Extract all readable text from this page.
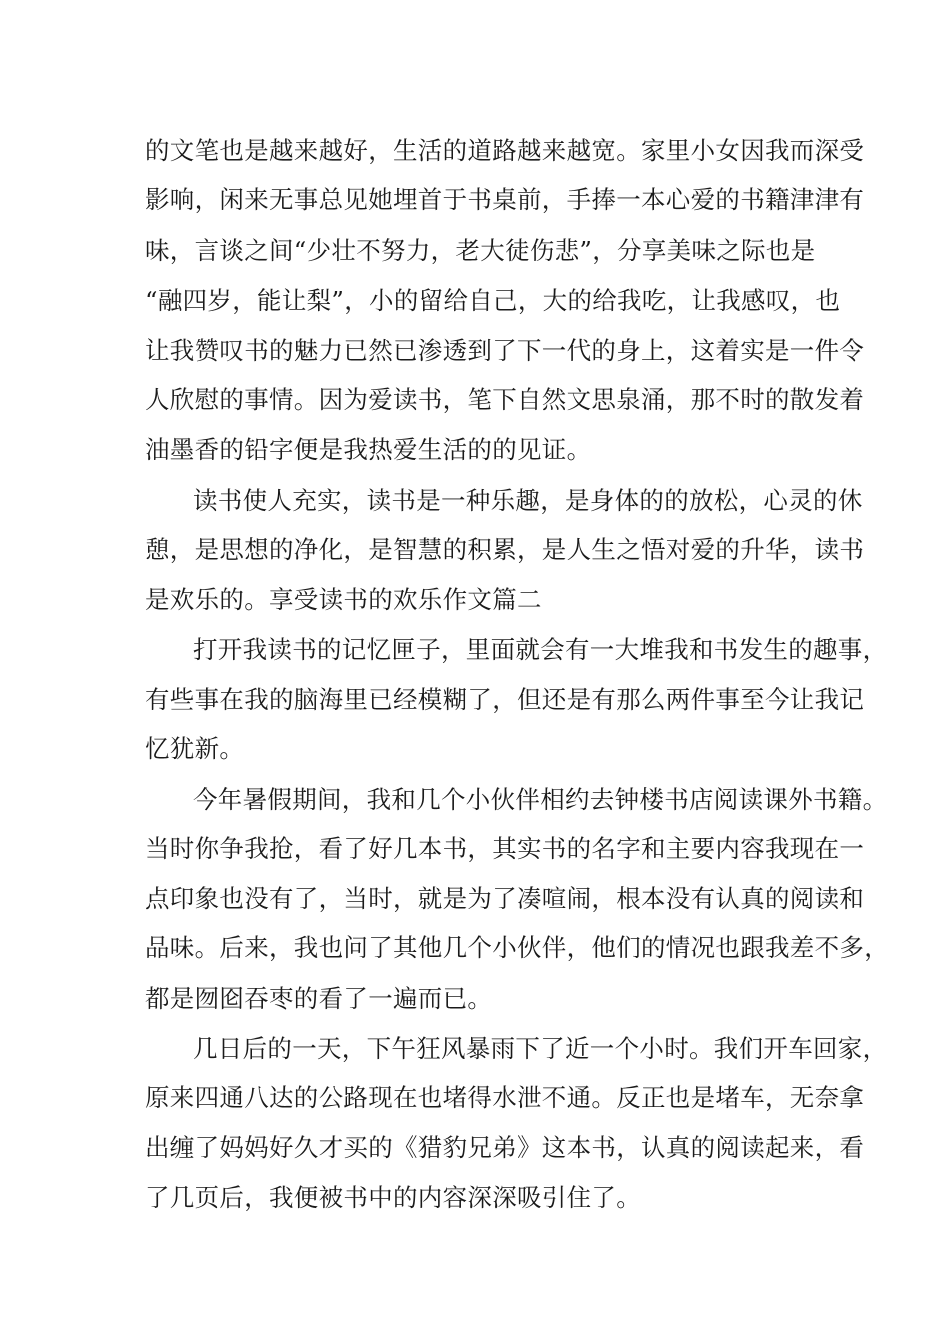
的文笔也是越来越好，生活的道路越来越宽。家里小女因我而深受
影响，闲来无事总见她埋首于书桌前，手捧一本心爱的书籍津津有
味，言谈之间“少壮不努力，老大徒伤悲”，分享美味之际也是
“融四岁，能让梨”，小的留给自己，大的给我吃，让我感叹，也
让我赞叹书的魅力已然已渗透到了下一代的身上，这着实是一件令
人欣慰的事情。因为爱读书，笔下自然文思泉涌，那不时的散发着
油墨香的铅字便是我热爱生活的的见证。
读书使人充实，读书是一种乐趣，是身体的的放松，心灵的休
憩，是思想的净化，是智慧的积累，是人生之悟对爱的升华，读书
是欢乐的。享受读书的欢乐作文篇二
打开我读书的记忆匣子，里面就会有一大堆我和书发生的趣事，
有些事在我的脑海里已经模糊了，但还是有那么两件事至今让我记
忆犹新。
今年暑假期间，我和几个小伙伴相约去钟楼书店阅读课外书籍。
当时你争我抢，看了好几本书，其实书的名字和主要内容我现在一
点印象也没有了，当时，就是为了凑喧闹，根本没有认真的阅读和
品味。后来，我也问了其他几个小伙伴，他们的情况也跟我差不多，
都是囫囵吞枣的看了一遍而已。
几日后的一天，下午狂风暴雨下了近一个小时。我们开车回家，
原来四通八达的公路现在也堵得水泄不通。反正也是堵车，无奈拿
出缠了妈妈好久才买的《猎豹兄弟》这本书，认真的阅读起来，看
了几页后，我便被书中的内容深深吸引住了。
